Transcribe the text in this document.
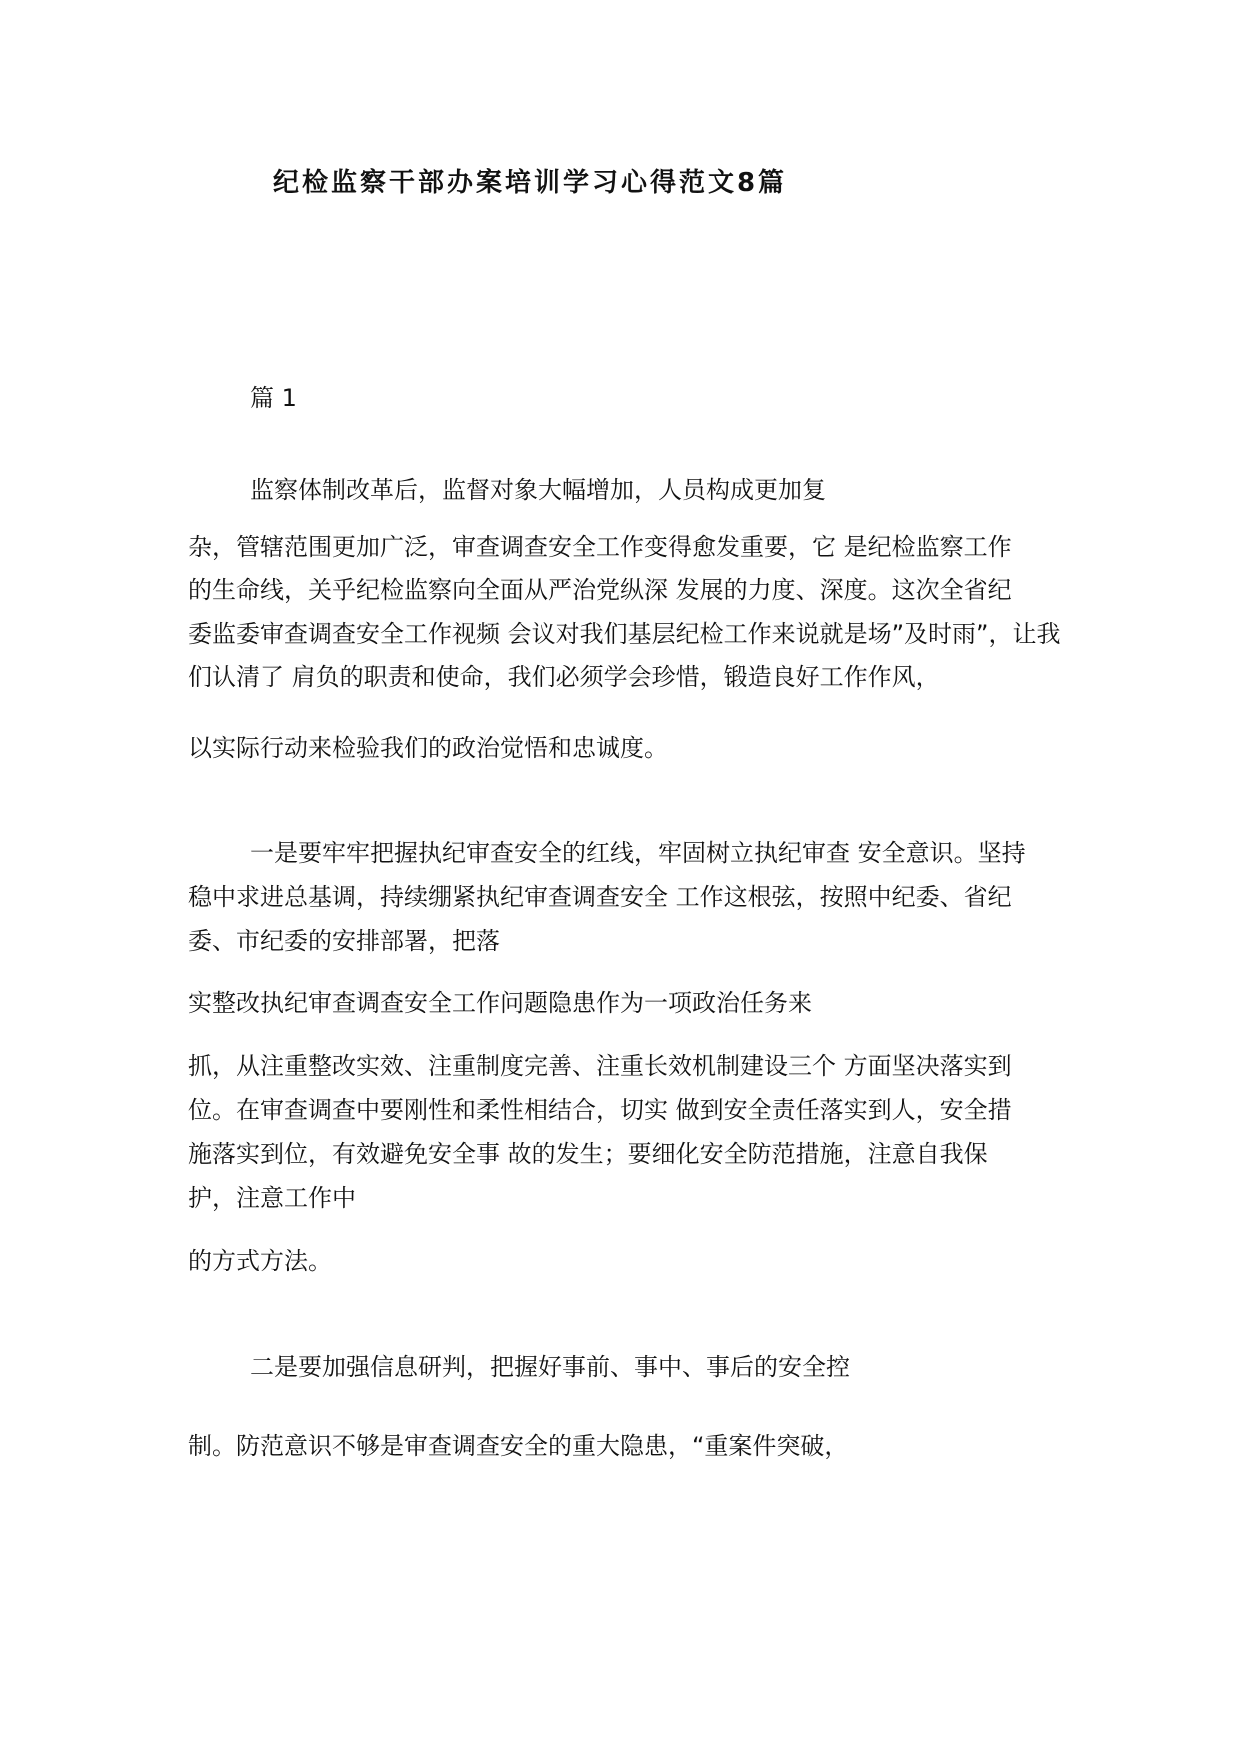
纪检监察干部办案培训学习心得范文8篇
篇 1
监察体制改革后，监督对象大幅增加，人员构成更加复
杂，管辖范围更加广泛，审查调查安全工作变得愈发重要，它 是纪检监察工作
的生命线，关乎纪检监察向全面从严治党纵深 发展的力度、深度。这次全省纪
委监委审查调查安全工作视频 会议对我们基层纪检工作来说就是场”及时雨”，让我
们认清了 肩负的职责和使命，我们必须学会珍惜，锻造良好工作作风，
以实际行动来检验我们的政治觉悟和忠诚度。
一是要牢牢把握执纪审查安全的红线，牢固树立执纪审查 安全意识。坚持
稳中求进总基调，持续绷紧执纪审查调查安全 工作这根弦，按照中纪委、省纪
委、市纪委的安排部署，把落
实整改执纪审查调查安全工作问题隐患作为一项政治任务来
抓，从注重整改实效、注重制度完善、注重长效机制建设三个 方面坚决落实到
位。在审查调查中要刚性和柔性相结合，切实 做到安全责任落实到人，安全措
施落实到位，有效避免安全事 故的发生；要细化安全防范措施，注意自我保
护，注意工作中
的方式方法。
二是要加强信息研判，把握好事前、事中、事后的安全控
制。防范意识不够是审查调查安全的重大隐患，“重案件突破，
